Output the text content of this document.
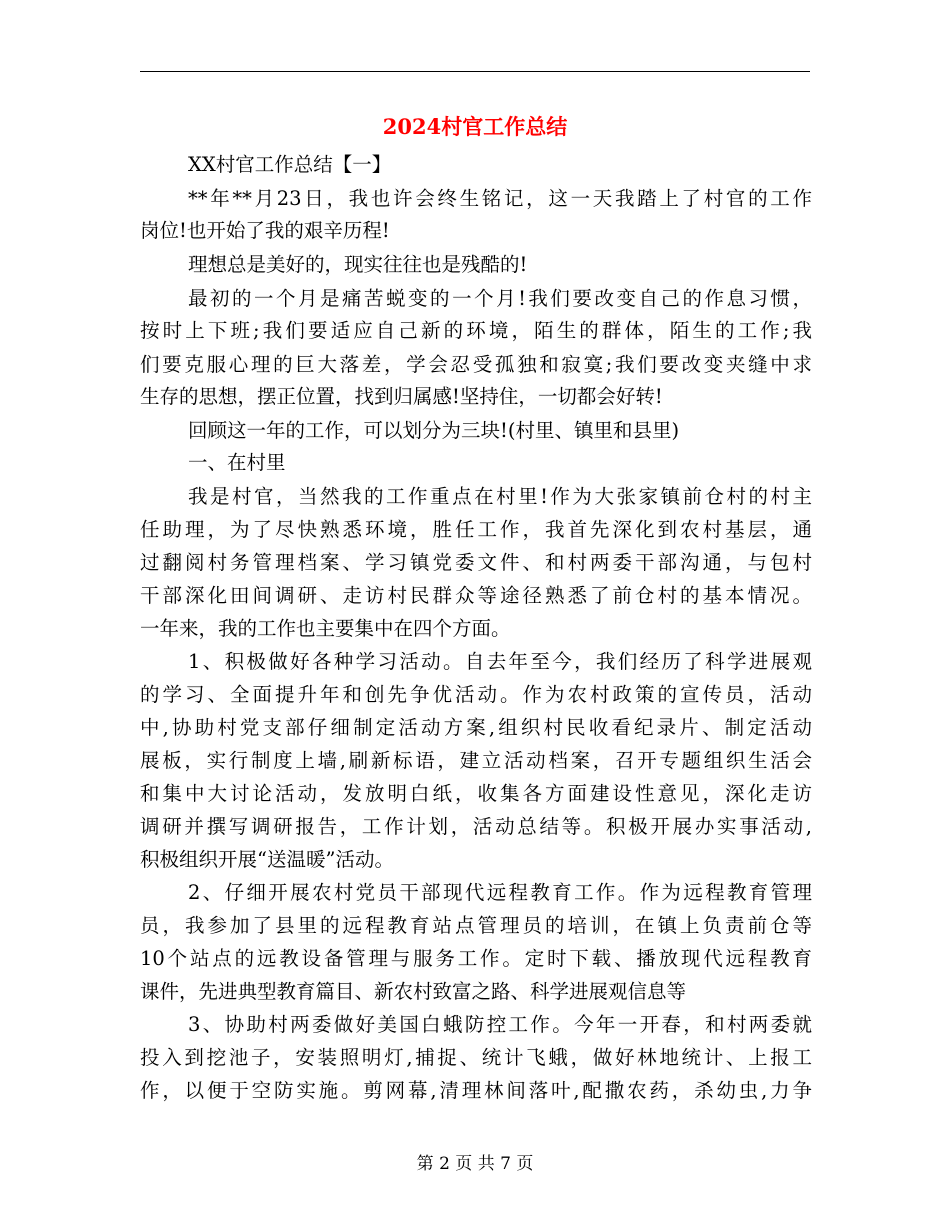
2024村官工作总结
XX村官工作总结【一】
**年**月23日，我也许会终生铭记，这一天我踏上了村官的工作
岗位!也开始了我的艰辛历程!
理想总是美好的，现实往往也是残酷的!
最初的一个月是痛苦蜕变的一个月!我们要改变自己的作息习惯，
按时上下班;我们要适应自己新的环境，陌生的群体，陌生的工作;我
们要克服心理的巨大落差，学会忍受孤独和寂寞;我们要改变夹缝中求
生存的思想，摆正位置，找到归属感!坚持住，一切都会好转!
回顾这一年的工作，可以划分为三块!(村里、镇里和县里)
一、在村里
我是村官，当然我的工作重点在村里!作为大张家镇前仓村的村主
任助理，为了尽快熟悉环境，胜任工作，我首先深化到农村基层，通
过翻阅村务管理档案、学习镇党委文件、和村两委干部沟通，与包村
干部深化田间调研、走访村民群众等途径熟悉了前仓村的基本情况。
一年来，我的工作也主要集中在四个方面。
1、积极做好各种学习活动。自去年至今，我们经历了科学进展观
的学习、全面提升年和创先争优活动。作为农村政策的宣传员，活动
中,协助村党支部仔细制定活动方案,组织村民收看纪录片、制定活动
展板，实行制度上墙,刷新标语，建立活动档案，召开专题组织生活会
和集中大讨论活动，发放明白纸，收集各方面建设性意见，深化走访
调研并撰写调研报告，工作计划，活动总结等。积极开展办实事活动,
积极组织开展“送温暖”活动。
2、仔细开展农村党员干部现代远程教育工作。作为远程教育管理
员，我参加了县里的远程教育站点管理员的培训，在镇上负责前仓等
10个站点的远教设备管理与服务工作。定时下载、播放现代远程教育
课件，先进典型教育篇目、新农村致富之路、科学进展观信息等
3、协助村两委做好美国白蛾防控工作。今年一开春，和村两委就
投入到挖池子，安装照明灯,捕捉、统计飞蛾，做好林地统计、上报工
作，以便于空防实施。剪网幕,清理林间落叶,配撒农药，杀幼虫,力争
第 2 页 共 7 页
